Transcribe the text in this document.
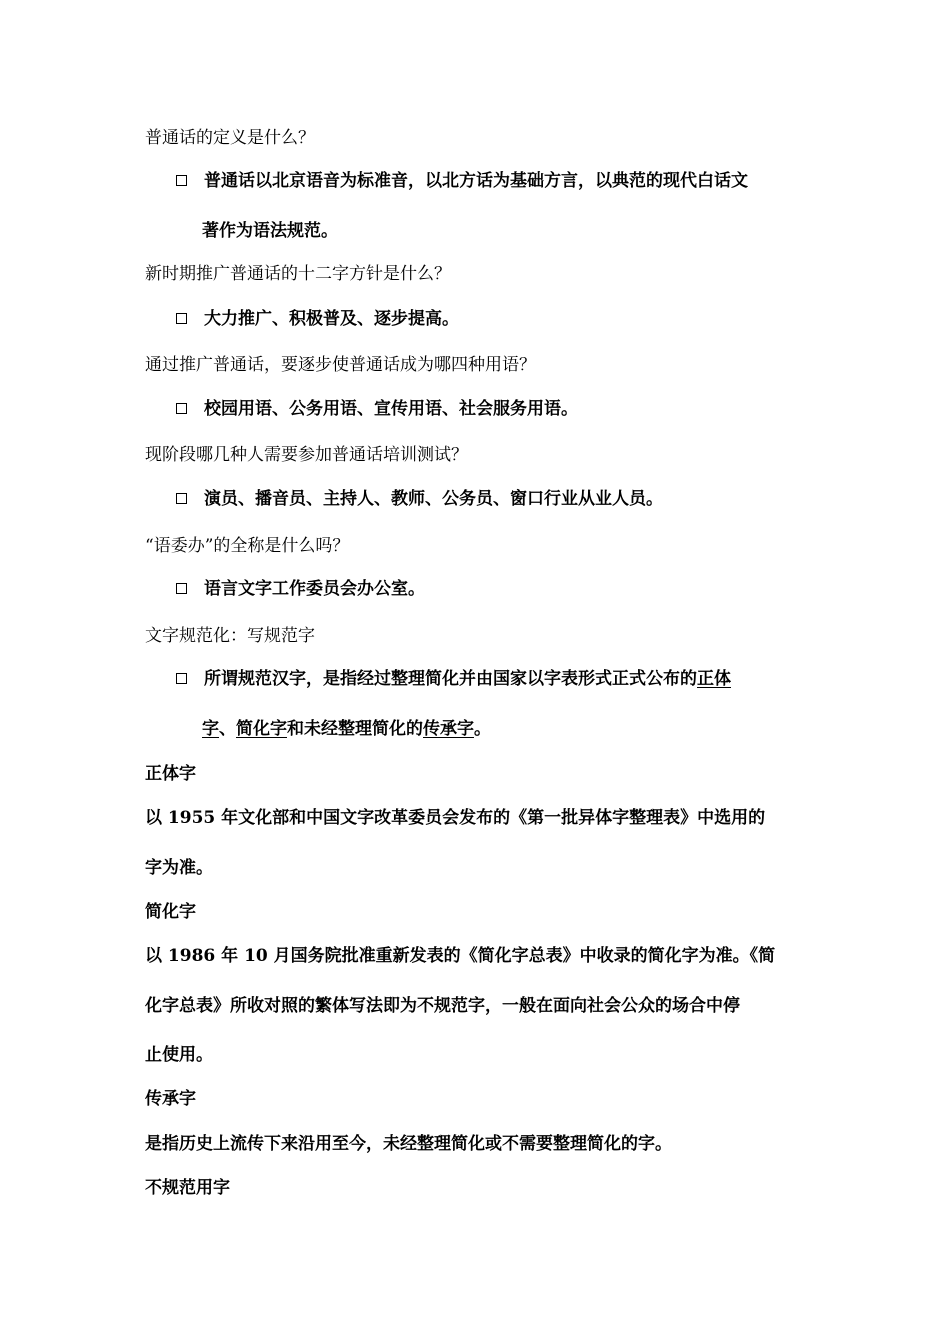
普通话的定义是什么？
普通话以北京语音为标准音，以北方话为基础方言，以典范的现代白话文
著作为语法规范。
新时期推广普通话的十二字方针是什么？
大力推广、积极普及、逐步提高。
通过推广普通话，要逐步使普通话成为哪四种用语？
校园用语、公务用语、宣传用语、社会服务用语。
现阶段哪几种人需要参加普通话培训测试？
演员、播音员、主持人、教师、公务员、窗口行业从业人员。
“语委办”的全称是什么吗？
语言文字工作委员会办公室。
文字规范化：写规范字
所谓规范汉字，是指经过整理简化并由国家以字表形式正式公布的正体
字、简化字和未经整理简化的传承字。
正体字
以 1955 年文化部和中国文字改革委员会发布的《第一批异体字整理表》中选用的
字为准。
简化字
以 1986 年 10 月国务院批准重新发表的《简化字总表》中收录的简化字为准。《简
化字总表》所收对照的繁体写法即为不规范字，一般在面向社会公众的场合中停
止使用。
传承字
是指历史上流传下来沿用至今，未经整理简化或不需要整理简化的字。
不规范用字
